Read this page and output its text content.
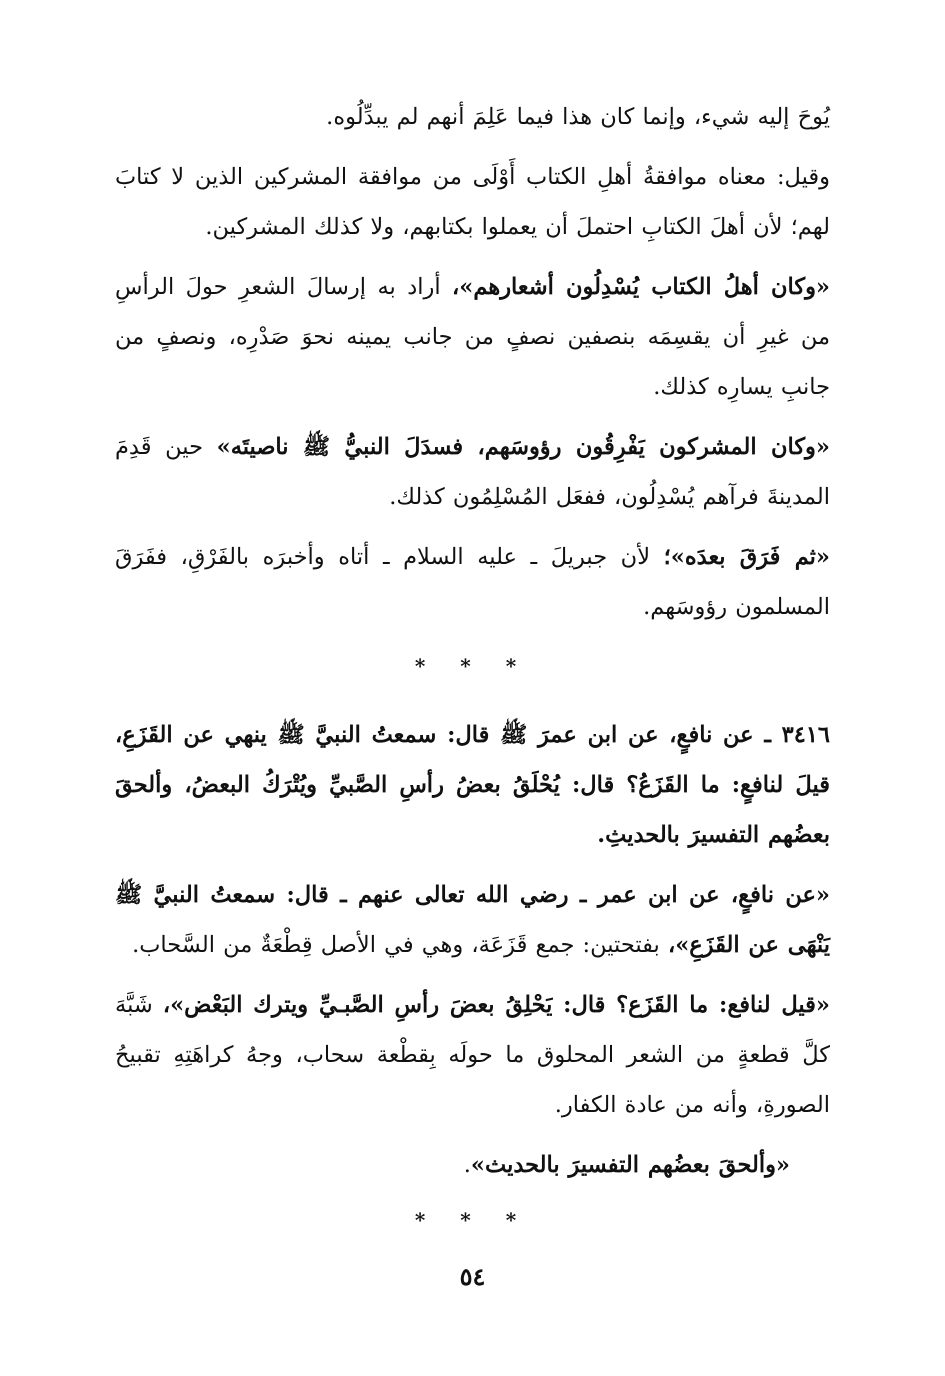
يُوحَ إليه شيء، وإنما كان هذا فيما عَلِمَ أنهم لم يبدِّلُوه.

وقيل: معناه موافقةُ أهلِ الكتاب أَوْلَى من موافقة المشركين الذين لا كتابَ لهم؛ لأن أهلَ الكتابِ احتملَ أن يعملوا بكتابهم، ولا كذلك المشركين.

«وكان أهلُ الكتاب يُسْدِلُون أشعارهم»، أراد به إرسالَ الشعرِ حولَ الرأسِ من غيرِ أن يقسِمَه بنصفين نصفٍ من جانب يمينه نحوَ صَدْرِه، ونصفٍ من جانبِ يسارِه كذلك.

«وكان المشركون يَفْرِقُون رؤوسَهم، فسدَلَ النبيُّ ﷺ ناصيتَه» حين قَدِمَ المدينةَ فرآهم يُسْدِلُون، ففعَل المُسْلِمُون كذلك.

«ثم فَرَقَ بعدَه»؛ لأن جبريلَ ـ عليه السلام ـ أتاه وأخبرَه بالفَرْقِ، ففَرَقَ المسلمون رؤوسَهم.

* * *

٣٤١٦ ـ عن نافعٍ، عن ابن عمرَ ﷺ قال: سمعتُ النبيَّ ﷺ ينهي عن القَزَعِ، قيلَ لنافعٍ: ما القَزَعُ؟ قال: يُحْلَقُ بعضُ رأسِ الصَّبيِّ ويُتْرَكُ البعضُ، وألحقَ بعضُهم التفسيرَ بالحديثِ.

«عن نافعٍ، عن ابن عمر ـ رضي الله تعالى عنهم ـ قال: سمعتُ النبيَّ ﷺ يَنْهَى عن القَزَعِ»، بفتحتين: جمع قَزَعَة، وهي في الأصل قِطْعَةٌ من السَّحاب.

«قيل لنافع: ما القَزَع؟ قال: يَحْلِقُ بعضَ رأسِ الصَّبـيِّ ويترك البَعْض»، شَبَّهَ كلَّ قطعةٍ من الشعر المحلوق ما حولَه بِقطْعة سحاب، وجهُ كراهَتِهِ تقبيحُ الصورةِ، وأنه من عادة الكفار.

«وألحقَ بعضُهم التفسيرَ بالحديث».

* * *
٥٤
